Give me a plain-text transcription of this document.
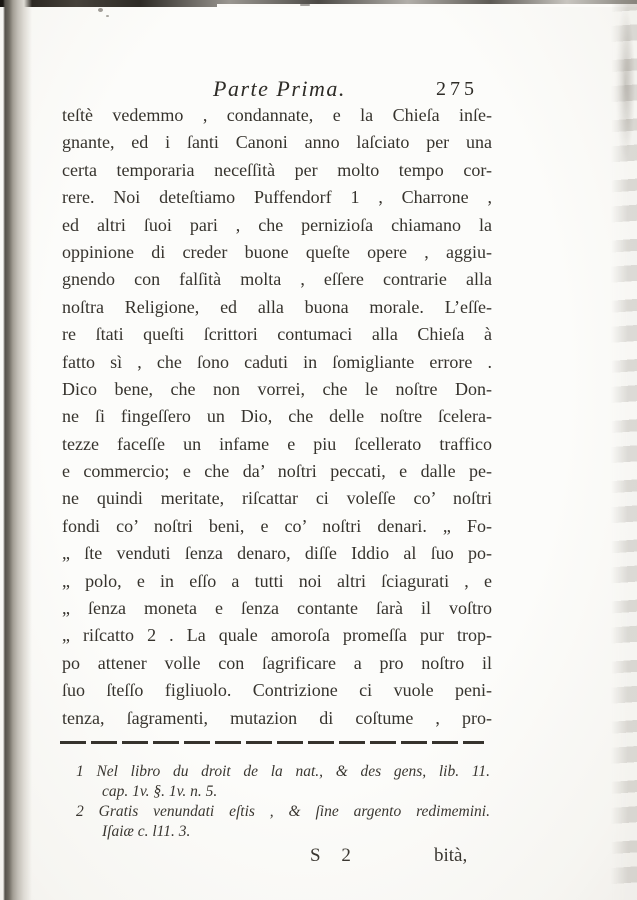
Parte Prima.	275
teſtè vedemmo , condannate, e la Chieſa inſe-
gnante, ed i ſanti Canoni anno laſciato per una
certa temporaria neceſſità per molto tempo cor-
rere. Noi deteſtiamo Puffendorf 1 , Charrone ,
ed altri ſuoi pari , che pernizioſa chiamano la
oppinione di creder buone queſte opere , aggiu-
gnendo con falſità molta , eſſere contrarie alla
noſtra Religione, ed alla buona morale. L’eſſe-
re ſtati queſti ſcrittori contumaci alla Chieſa à
fatto sì , che ſono caduti in ſomigliante errore .
Dico bene, che non vorrei, che le noſtre Don-
ne ſi fingeſſero un Dio, che delle noſtre ſcelera-
tezze faceſſe un infame e piu ſcellerato traffico
e commercio; e che da’ noſtri peccati, e dalle pe-
ne quindi meritate, riſcattar ci voleſſe co’ noſtri
fondi co’ noſtri beni, e co’ noſtri denari. „ Fo-
„ ſte venduti ſenza denaro, diſſe Iddio al ſuo po-
„ polo, e in eſſo a tutti noi altri ſciagurati , e
„ ſenza moneta e ſenza contante ſarà il voſtro
„ riſcatto 2 . La quale amoroſa promeſſa pur trop-
po attener volle con ſagrificare a pro noſtro il
ſuo ſteſſo figliuolo. Contrizione ci vuole peni-
tenza, ſagramenti, mutazion di coſtume , pro-
1 Nel libro du droit de la nat., & des gens, lib. 11.
cap. 1v. §. 1v. n. 5.
2 Gratis venundati eſtis , & ſine argento redimemini.
Iſaiæ c. l11. 3.
S 2	bità,
